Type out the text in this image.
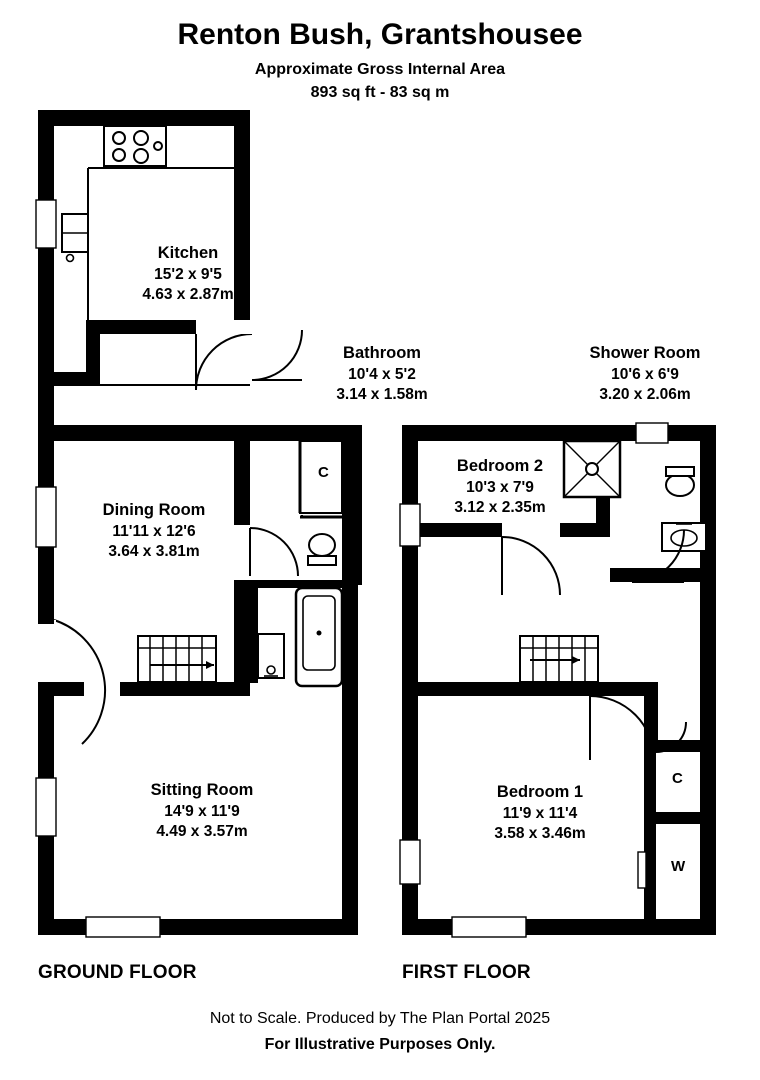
Renton Bush, Grantshousee
Approximate Gross Internal Area
893 sq ft - 83 sq m
Kitchen
15'2 x 9'5
4.63 x 2.87m
Dining Room
11'11 x 12'6
3.64 x 3.81m
Sitting Room
14'9 x 11'9
4.49 x 3.57m
Bathroom
10'4 x 5'2
3.14 x 1.58m
Shower Room
10'6 x 6'9
3.20 x 2.06m
Bedroom 2
10'3 x 7'9
3.12 x 2.35m
Bedroom 1
11'9 x 11'4
3.58 x 3.46m
C
C
W
GROUND FLOOR	FIRST FLOOR
Not to Scale. Produced by The Plan Portal 2025
For Illustrative Purposes Only.
